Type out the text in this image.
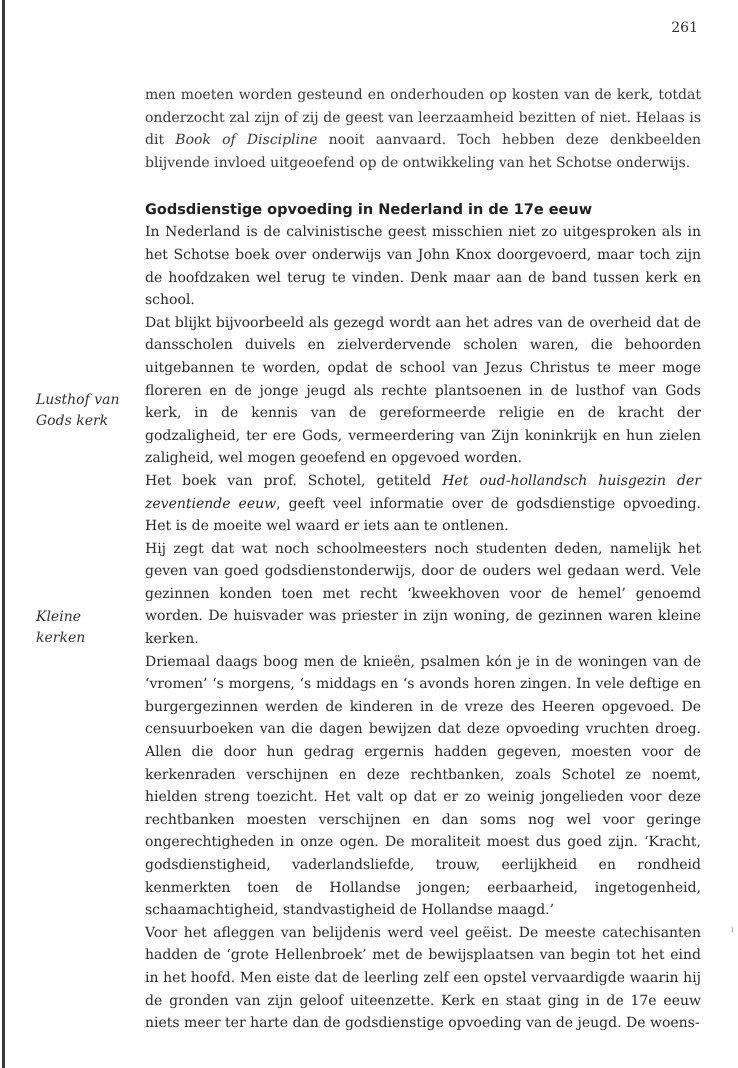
261
Lusthof van
Gods kerk
Kleine
kerken

men moeten worden gesteund en onderhouden op kosten van de kerk, totdat onderzocht zal zijn of zij de geest van leerzaamheid bezitten of niet. Helaas is dit Book of Discipline nooit aanvaard. Toch hebben deze denkbeelden blijvende invloed uitgeoefend op de ontwikkeling van het Schotse onderwijs.

Godsdienstige opvoeding in Nederland in de 17e eeuw

In Nederland is de calvinistische geest misschien niet zo uitgesproken als in het Schotse boek over onderwijs van John Knox doorgevoerd, maar toch zijn de hoofdzaken wel terug te vinden. Denk maar aan de band tussen kerk en school.

Dat blijkt bijvoorbeeld als gezegd wordt aan het adres van de overheid dat de dansscholen duivels en zielverdervende scholen waren, die behoorden uitgebannen te worden, opdat de school van Jezus Christus te meer moge floreren en de jonge jeugd als rechte plantsoenen in de lusthof van Gods kerk, in de kennis van de gereformeerde religie en de kracht der godzaligheid, ter ere Gods, vermeerdering van Zijn koninkrijk en hun zielen zaligheid, wel mogen geoefend en opgevoed worden.

Het boek van prof. Schotel, getiteld Het oud-hollandsch huisgezin der zeventiende eeuw, geeft veel informatie over de godsdienstige opvoeding. Het is de moeite wel waard er iets aan te ontlenen.

Hij zegt dat wat noch schoolmeesters noch studenten deden, namelijk het geven van goed godsdienstonderwijs, door de ouders wel gedaan werd. Vele gezinnen konden toen met recht ‘kweekhoven voor de hemel’ genoemd worden. De huisvader was priester in zijn woning, de gezinnen waren kleine kerken.

Driemaal daags boog men de knieën, psalmen kón je in de woningen van de ‘vromen’ ‘s morgens, ‘s middags en ‘s avonds horen zingen. In vele deftige en burgergezinnen werden de kinderen in de vreze des Heeren opgevoed. De censuurboeken van die dagen bewijzen dat deze opvoeding vruchten droeg. Allen die door hun gedrag ergernis hadden gegeven, moesten voor de kerkenraden verschijnen en deze rechtbanken, zoals Schotel ze noemt, hielden streng toezicht. Het valt op dat er zo weinig jongelieden voor deze rechtbanken moesten verschijnen en dan soms nog wel voor geringe ongerechtigheden in onze ogen. De moraliteit moest dus goed zijn. ‘Kracht, godsdienstigheid, vaderlandsliefde, trouw, eerlijkheid en rondheid kenmerkten toen de Hollandse jongen; eerbaarheid, ingetogenheid, schaamachtigheid, standvastigheid de Hollandse maagd.’

Voor het afleggen van belijdenis werd veel geëist. De meeste catechisanten hadden de ‘grote Hellenbroek’ met de bewijsplaatsen van begin tot het eind in het hoofd. Men eiste dat de leerling zelf een opstel vervaardigde waarin hij de gronden van zijn geloof uiteenzette. Kerk en staat ging in de 17e eeuw niets meer ter harte dan de godsdienstige opvoeding van de jeugd. De woens-

ı
